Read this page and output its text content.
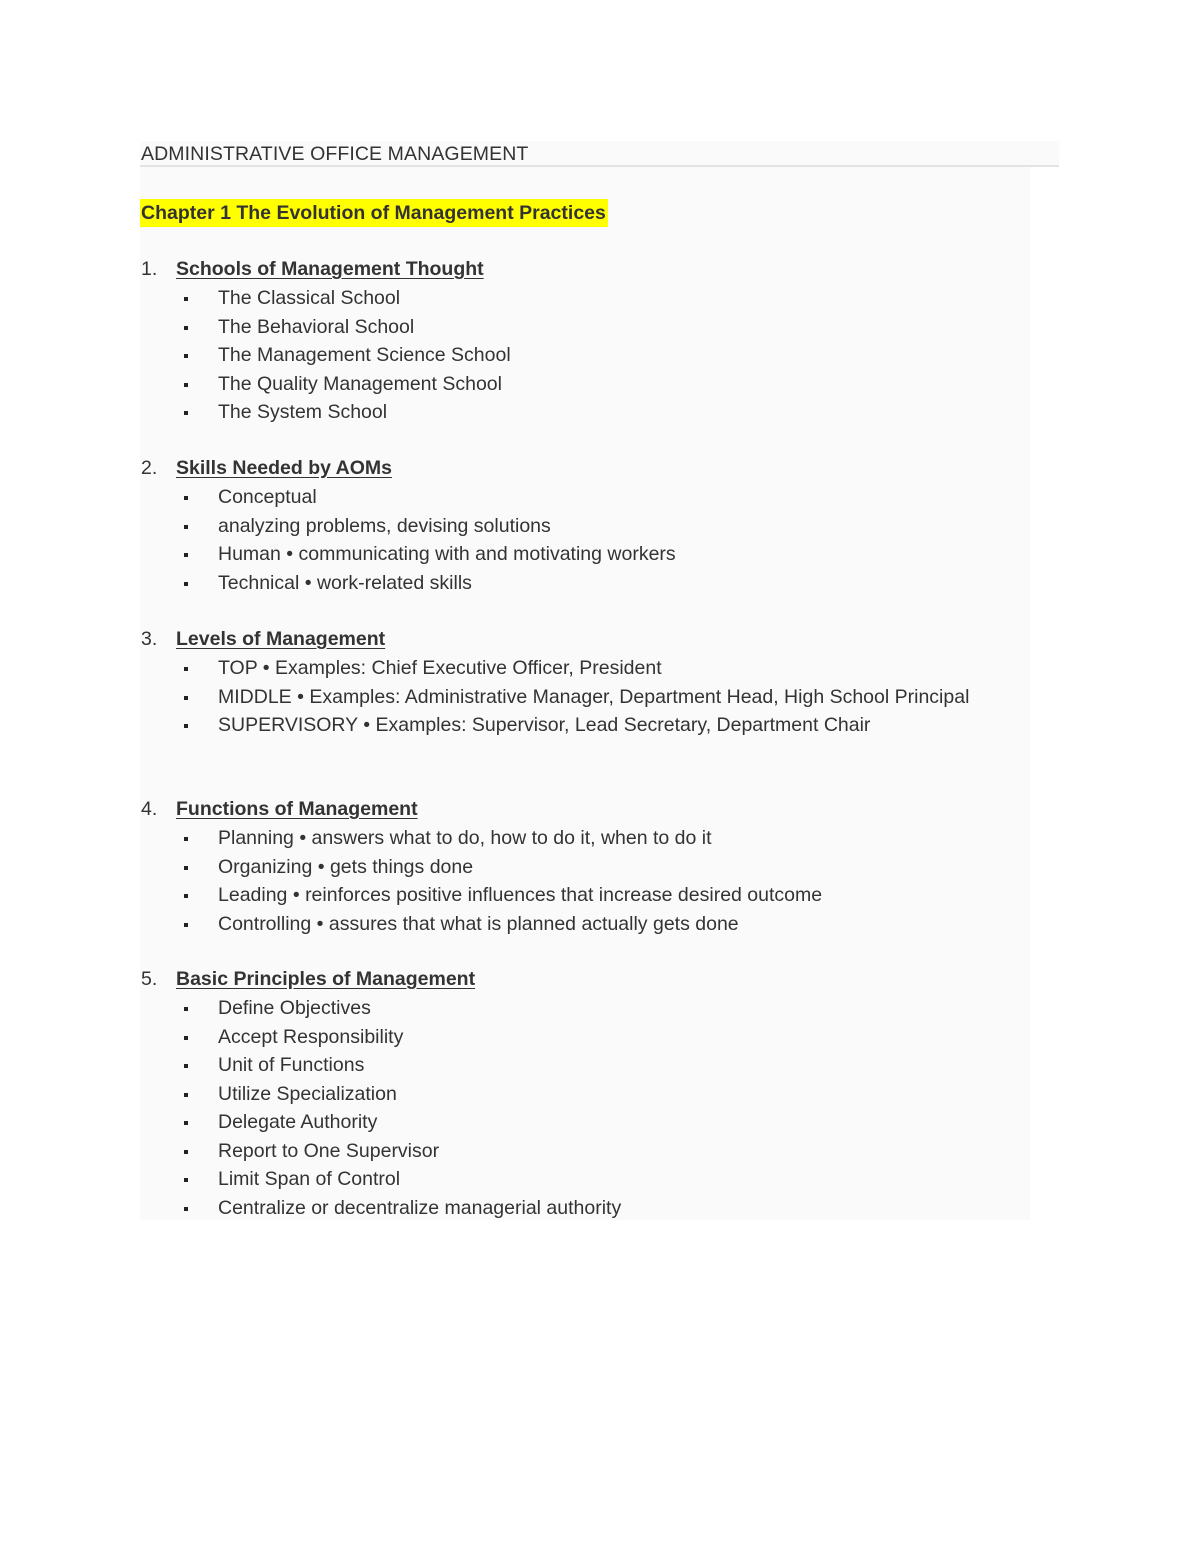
ADMINISTRATIVE OFFICE MANAGEMENT
Chapter 1 The Evolution of Management Practices
1. Schools of Management Thought
The Classical School
The Behavioral School
The Management Science School
The Quality Management School
The System School
2. Skills Needed by AOMs
Conceptual
analyzing problems, devising solutions
Human • communicating with and motivating workers
Technical • work-related skills
3. Levels of Management
TOP • Examples: Chief Executive Officer, President
MIDDLE • Examples: Administrative Manager, Department Head, High School Principal
SUPERVISORY • Examples: Supervisor, Lead Secretary, Department Chair
4. Functions of Management
Planning • answers what to do, how to do it, when to do it
Organizing • gets things done
Leading • reinforces positive influences that increase desired outcome
Controlling • assures that what is planned actually gets done
5. Basic Principles of Management
Define Objectives
Accept Responsibility
Unit of Functions
Utilize Specialization
Delegate Authority
Report to One Supervisor
Limit Span of Control
Centralize or decentralize managerial authority
